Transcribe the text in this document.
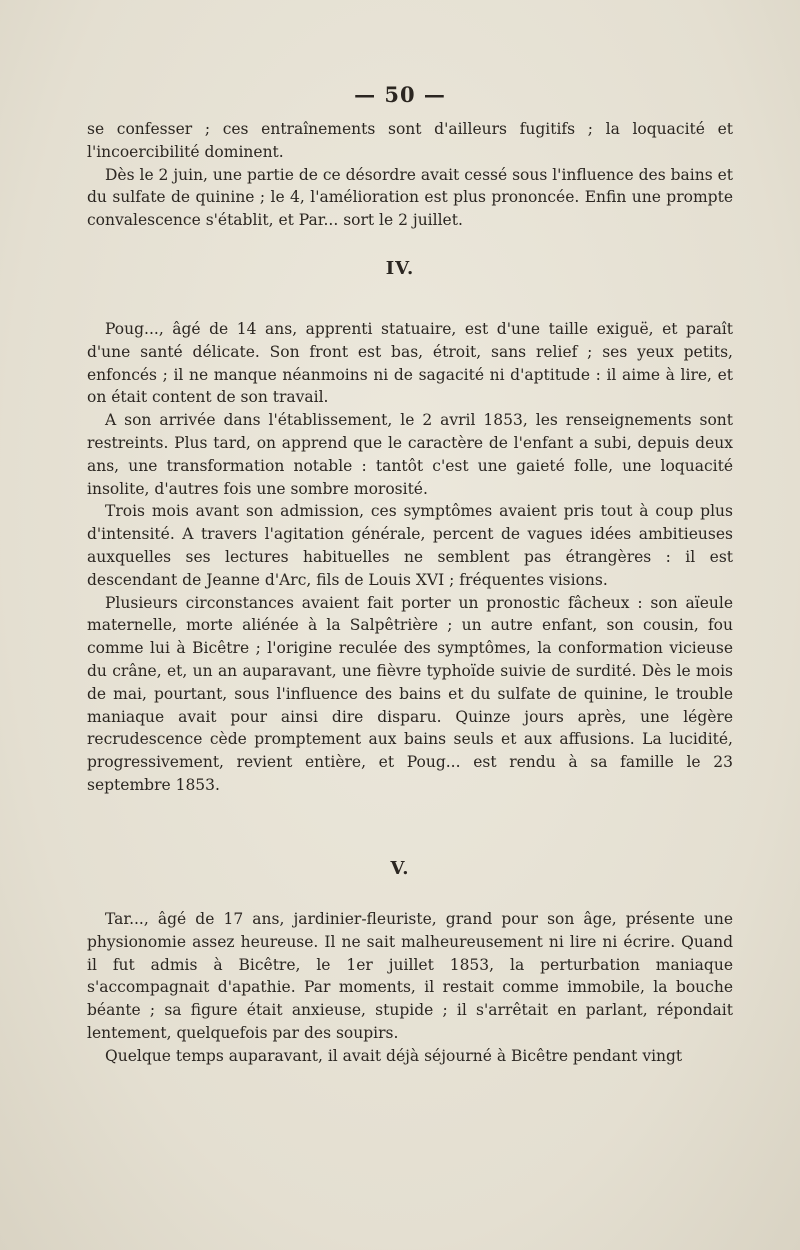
— 50 —

se confesser ; ces entraînements sont d'ailleurs fugitifs ; la loquacité et l'incoercibilité dominent.

Dès le 2 juin, une partie de ce désordre avait cessé sous l'influence des bains et du sulfate de quinine ; le 4, l'amélioration est plus prononcée. Enfin une prompte convalescence s'établit, et Par... sort le 2 juillet.

IV.

Poug..., âgé de 14 ans, apprenti statuaire, est d'une taille exiguë, et paraît d'une santé délicate. Son front est bas, étroit, sans relief ; ses yeux petits, enfoncés ; il ne manque néanmoins ni de sagacité ni d'aptitude : il aime à lire, et on était content de son travail.

A son arrivée dans l'établissement, le 2 avril 1853, les renseignements sont restreints. Plus tard, on apprend que le caractère de l'enfant a subi, depuis deux ans, une transformation notable : tantôt c'est une gaieté folle, une loquacité insolite, d'autres fois une sombre morosité.

Trois mois avant son admission, ces symptômes avaient pris tout à coup plus d'intensité. A travers l'agitation générale, percent de vagues idées ambitieuses auxquelles ses lectures habituelles ne semblent pas étrangères : il est descendant de Jeanne d'Arc, fils de Louis XVI ; fréquentes visions.

Plusieurs circonstances avaient fait porter un pronostic fâcheux : son aïeule maternelle, morte aliénée à la Salpêtrière ; un autre enfant, son cousin, fou comme lui à Bicêtre ; l'origine reculée des symptômes, la conformation vicieuse du crâne, et, un an auparavant, une fièvre typhoïde suivie de surdité. Dès le mois de mai, pourtant, sous l'influence des bains et du sulfate de quinine, le trouble maniaque avait pour ainsi dire disparu. Quinze jours après, une légère recrudescence cède promptement aux bains seuls et aux affusions. La lucidité, progressivement, revient entière, et Poug... est rendu à sa famille le 23 septembre 1853.

V.

Tar..., âgé de 17 ans, jardinier-fleuriste, grand pour son âge, présente une physionomie assez heureuse. Il ne sait malheureusement ni lire ni écrire. Quand il fut admis à Bicêtre, le 1er juillet 1853, la perturbation maniaque s'accompagnait d'apathie. Par moments, il restait comme immobile, la bouche béante ; sa figure était anxieuse, stupide ; il s'arrêtait en parlant, répondait lentement, quelquefois par des soupirs.

Quelque temps auparavant, il avait déjà séjourné à Bicêtre pendant vingt
